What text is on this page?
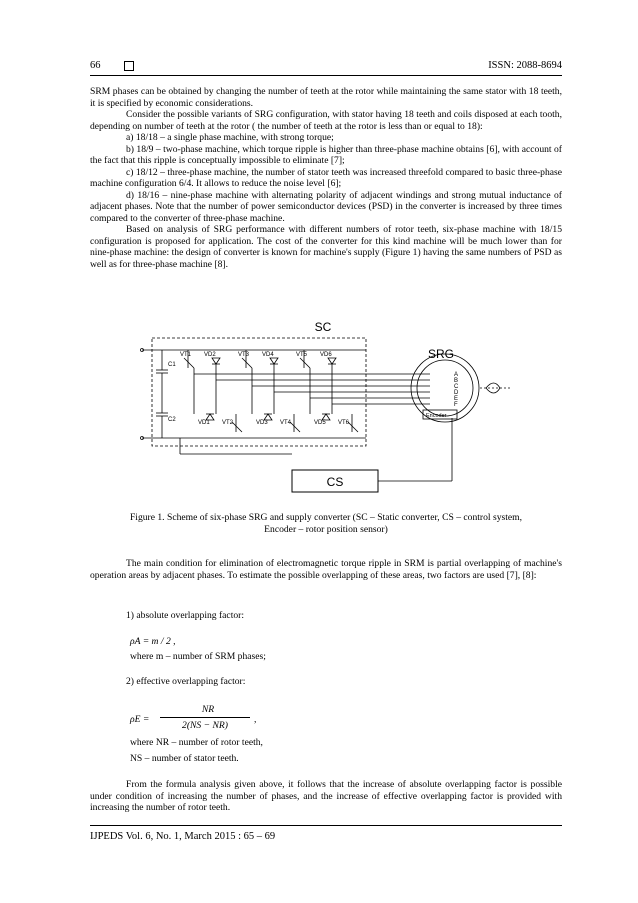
66	ISSN: 2088-8694

SRM phases can be obtained by changing the number of teeth at the rotor while maintaining the same stator with 18 teeth, it is specified by economic considerations.

Consider the possible variants of SRG configuration, with stator having 18 teeth and coils disposed at each tooth, depending on number of teeth at the rotor ( the number of teeth at the rotor is less than or equal to 18):

a) 18/18 – a single phase machine, with strong torque;

b) 18/9 – two-phase machine, which torque ripple is higher than three-phase machine obtains [6], with account of the fact that this ripple is conceptually impossible to eliminate [7];

c) 18/12 – three-phase machine, the number of stator teeth was increased threefold compared to basic three-phase machine configuration 6/4. It allows to reduce the noise level [6];

d) 18/16 – nine-phase machine with alternating polarity of adjacent windings and strong mutual inductance of adjacent phases. Note that the number of power semiconductor devices (PSD) in the converter is increased by three times compared to the converter of three-phase machine.

Based on analysis of SRG performance with different numbers of rotor teeth, six-phase machine with 18/15 configuration is proposed for application. The cost of the converter for this kind machine will be much lower than for nine-phase machine: the design of converter is known for machine's supply (Figure 1) having the same numbers of PSD as well as for three-phase machine [8].

SC
SRG
CS
Encoder
C1
C2
VT1 VD2	VT3 VD4	VT5 VD6
VD1 VT2	VD3 VT4	VD5 VT6
A
B
C
D
E
F
Figure 1. Scheme of six-phase SRG and supply converter (SC – Static converter, CS – control system,
Encoder – rotor position sensor)

The main condition for elimination of electromagnetic torque ripple in SRM is partial overlapping of machine's operation areas by adjacent phases. To estimate the possible overlapping of these areas, two factors are used [7], [8]:

1) absolute overlapping factor:

ρA = m / 2 ,
where m – number of SRM phases;

2) effective overlapping factor:

ρE =
NR
2(NS − NR)
,
where NR – number of rotor teeth,
NS – number of stator teeth.

From the formula analysis given above, it follows that the increase of absolute overlapping factor is possible under condition of increasing the number of phases, and the increase of effective overlapping factor is provided with increasing the number of rotor teeth.

IJPEDS Vol. 6, No. 1, March 2015 : 65 – 69
